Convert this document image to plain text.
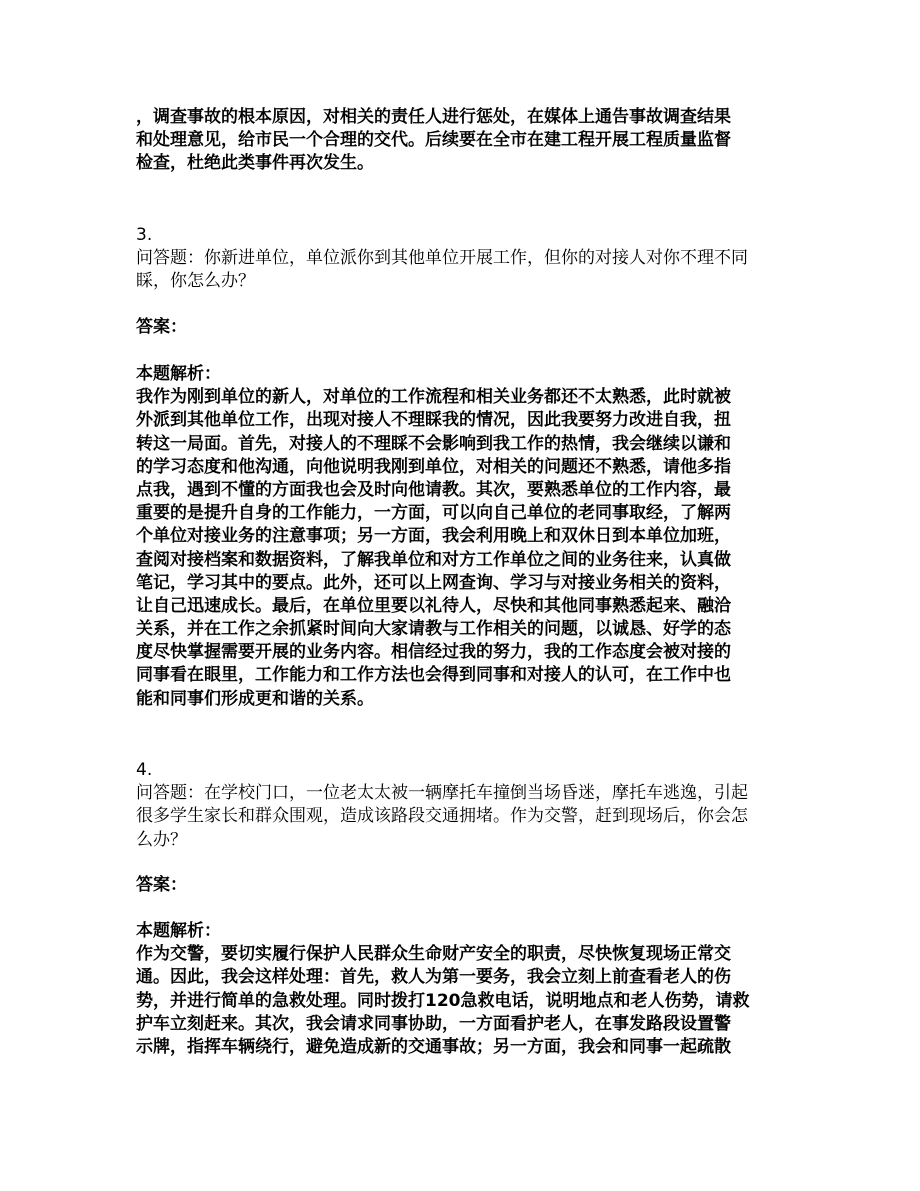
，调查事故的根本原因，对相关的责任人进行惩处，在媒体上通告事故调查结果
和处理意见，给市民一个合理的交代。后续要在全市在建工程开展工程质量监督
检查，杜绝此类事件再次发生。
3.
问答题：你新进单位，单位派你到其他单位开展工作，但你的对接人对你不理不同
睬，你怎么办？
答案：
本题解析：
我作为刚到单位的新人，对单位的工作流程和相关业务都还不太熟悉，此时就被
外派到其他单位工作，出现对接人不理睬我的情况，因此我要努力改进自我，扭
转这一局面。首先，对接人的不理睬不会影响到我工作的热情，我会继续以谦和
的学习态度和他沟通，向他说明我刚到单位，对相关的问题还不熟悉，请他多指
点我，遇到不懂的方面我也会及时向他请教。其次，要熟悉单位的工作内容，最
重要的是提升自身的工作能力，一方面，可以向自己单位的老同事取经，了解两
个单位对接业务的注意事项；另一方面，我会利用晚上和双休日到本单位加班，
查阅对接档案和数据资料，了解我单位和对方工作单位之间的业务往来，认真做
笔记，学习其中的要点。此外，还可以上网查询、学习与对接业务相关的资料，
让自己迅速成长。最后，在单位里要以礼待人，尽快和其他同事熟悉起来、融洽
关系，并在工作之余抓紧时间向大家请教与工作相关的问题，以诚恳、好学的态
度尽快掌握需要开展的业务内容。相信经过我的努力，我的工作态度会被对接的
同事看在眼里，工作能力和工作方法也会得到同事和对接人的认可，在工作中也
能和同事们形成更和谐的关系。
4.
问答题：在学校门口，一位老太太被一辆摩托车撞倒当场昏迷，摩托车逃逸，引起
很多学生家长和群众围观，造成该路段交通拥堵。作为交警，赶到现场后，你会怎
么办？
答案：
本题解析：
作为交警，要切实履行保护人民群众生命财产安全的职责，尽快恢复现场正常交
通。因此，我会这样处理：首先，救人为第一要务，我会立刻上前查看老人的伤
势，并进行简单的急救处理。同时拨打120急救电话，说明地点和老人伤势，请救
护车立刻赶来。其次，我会请求同事协助，一方面看护老人，在事发路段设置警
示牌，指挥车辆绕行，避免造成新的交通事故；另一方面，我会和同事一起疏散
